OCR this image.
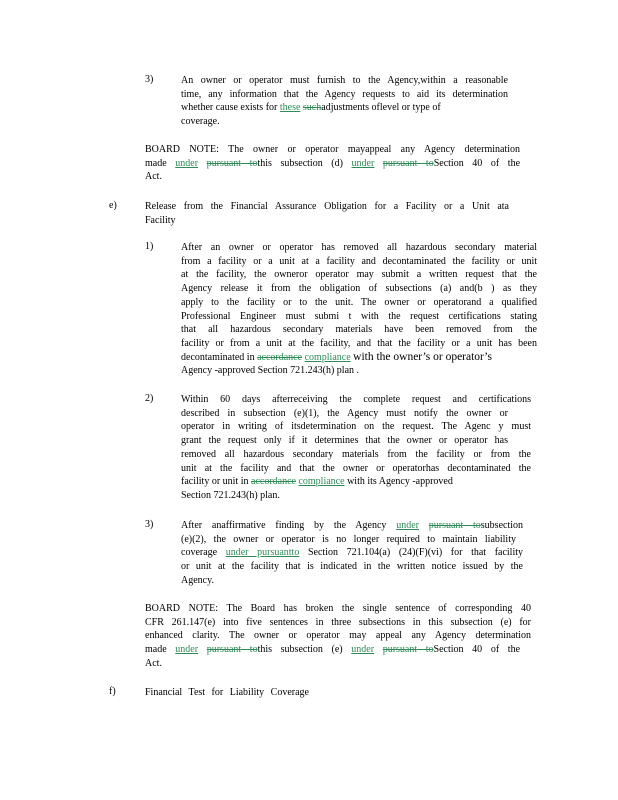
3)	An owner or operator must furnish to the Agency,within a reasonable
time, any information that the Agency requests to aid its determination
whether cause exists for these suchadjustments oflevel or type of
coverage.
BOARD NOTE: The owner or operator mayappeal any Agency determination
made under pursuant tothis subsection (d) under pursuant toSection 40 of the
Act.
e)	Release from the Financial Assurance Obligation for a Facility or a Unit ata
Facility
1)	After an owner or operator has removed all hazardous secondary material
from a facility or a unit at a facility and decontaminated the facility or unit
at the facility, the owneror operator may submit a written request that the
Agency release it from the obligation of subsections (a) and(b ) as they
apply to the facility or to the unit. The owner or operatorand a qualified
Professional Engineer must submi t with the request certifications stating
that all hazardous secondary materials have been removed from the
facility or from a unit at the facility, and that the facility or a unit has been
decontaminated in accordance compliance with the owner’s or operator’s
Agency -approved Section 721.243(h) plan .
2)	Within 60 days afterreceiving the complete request and certifications
described in subsection (e)(1), the Agency must notify the owner or
operator in writing of itsdetermination on the request. The Agenc y must
grant the request only if it determines that the owner or operator has
removed all hazardous secondary materials from the facility or from the
unit at the facility and that the owner or operatorhas decontaminated the
facility or unit in accordance compliance with its Agency -approved
Section 721.243(h) plan.
3)	After anaffirmative finding by the Agency under pursuant tosubsection
(e)(2), the owner or operator is no longer required to maintain liability
coverage under pursuantto Section 721.104(a) (24)(F)(vi) for that facility
or unit at the facility that is indicated in the written notice issued by the
Agency.
BOARD NOTE: The Board has broken the single sentence of corresponding 40
CFR 261.147(e) into five sentences in three subsections in this subsection (e) for
enhanced clarity. The owner or operator may appeal any Agency determination
made under pursuant tothis subsection (e) under pursuant toSection 40 of the
Act.
f)	Financial Test for Liability Coverage
